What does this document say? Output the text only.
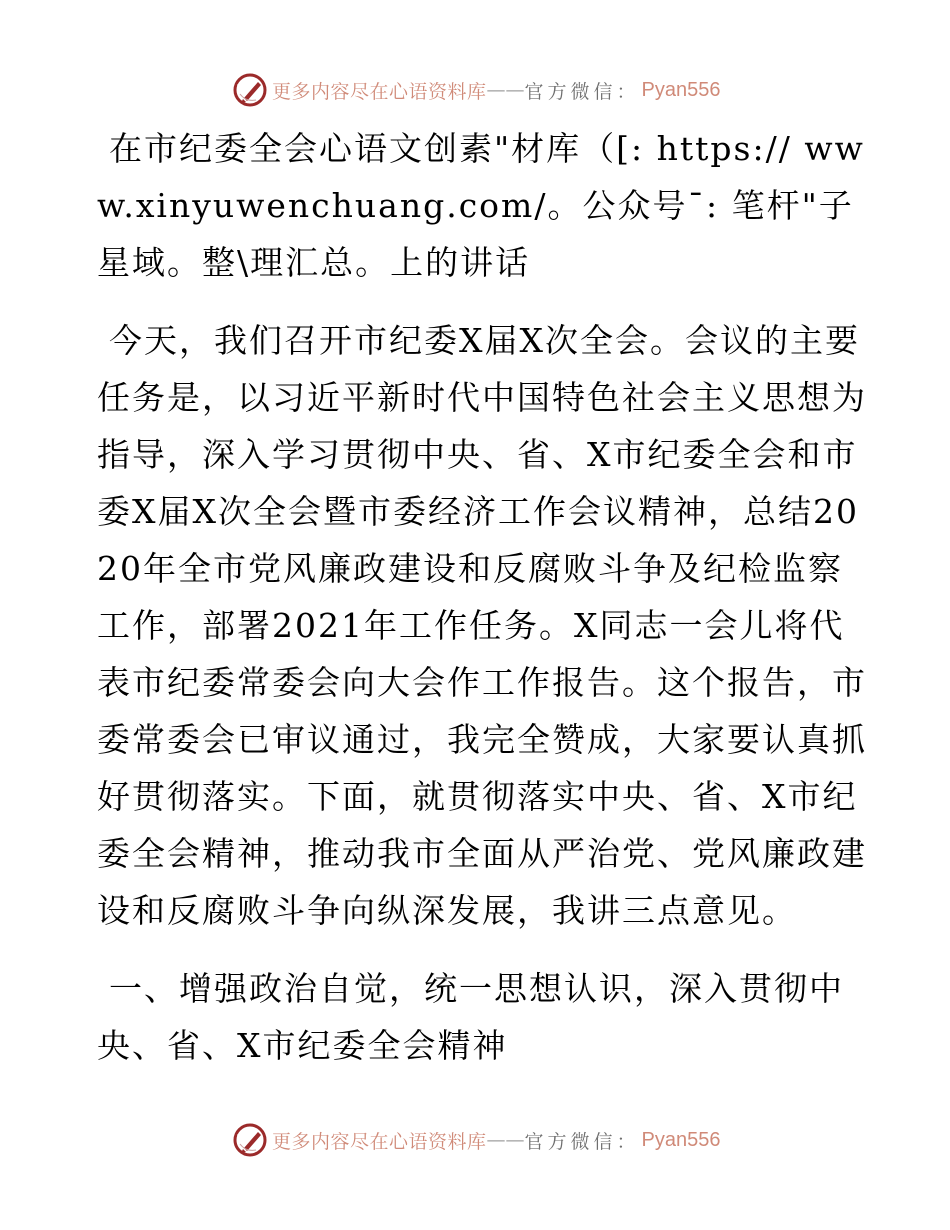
更多内容尽在心语资料库 —— 官方微信： Pyan556

在市纪委全会心语文创素"材库（[: https:// www.xinyuwenchuang.com/。公众号¯: 笔杆"子星域。整\理汇总。上的讲话

今天，我们召开市纪委X届X次全会。会议的主要任务是，以习近平新时代中国特色社会主义思想为指导，深入学习贯彻中央、省、X市纪委全会和市委X届X次全会暨市委经济工作会议精神，总结2020年全市党风廉政建设和反腐败斗争及纪检监察工作，部署2021年工作任务。X同志一会儿将代表市纪委常委会向大会作工作报告。这个报告，市委常委会已审议通过，我完全赞成，大家要认真抓好贯彻落实。下面，就贯彻落实中央、省、X市纪委全会精神，推动我市全面从严治党、党风廉政建设和反腐败斗争向纵深发展，我讲三点意见。

一、增强政治自觉，统一思想认识，深入贯彻中央、省、X市纪委全会精神

更多内容尽在心语资料库 —— 官方微信： Pyan556
